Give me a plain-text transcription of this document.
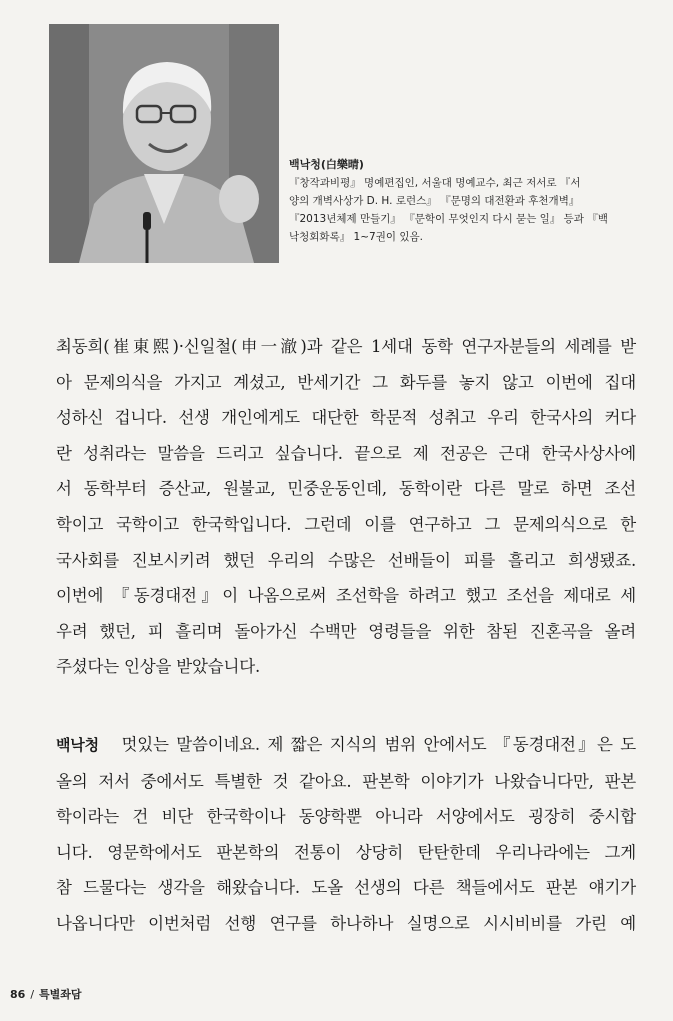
백낙청(白樂晴)
『창작과비평』 명예편집인, 서울대 명예교수, 최근 저서로 『서
양의 개벽사상가 D. H. 로런스』 『문명의 대전환과 후천개벽』
『2013년체제 만들기』 『문학이 무엇인지 다시 묻는 일』 등과 『백
낙청회화록』 1~7권이 있음.
최동희(崔東熙)·신일철(申一澈)과 같은 1세대 동학 연구자분들의 세례를 받
아 문제의식을 가지고 계셨고, 반세기간 그 화두를 놓지 않고 이번에 집대
성하신 겁니다. 선생 개인에게도 대단한 학문적 성취고 우리 한국사의 커다
란 성취라는 말씀을 드리고 싶습니다. 끝으로 제 전공은 근대 한국사상사에
서 동학부터 증산교, 원불교, 민중운동인데, 동학이란 다른 말로 하면 조선
학이고 국학이고 한국학입니다. 그런데 이를 연구하고 그 문제의식으로 한
국사회를 진보시키려 했던 우리의 수많은 선배들이 피를 흘리고 희생됐죠.
이번에 『동경대전』이 나옴으로써 조선학을 하려고 했고 조선을 제대로 세
우려 했던, 피 흘리며 돌아가신 수백만 영령들을 위한 참된 진혼곡을 올려
주셨다는 인상을 받았습니다.
백낙청 멋있는 말씀이네요. 제 짧은 지식의 범위 안에서도 『동경대전』은 도
올의 저서 중에서도 특별한 것 같아요. 판본학 이야기가 나왔습니다만, 판본
학이라는 건 비단 한국학이나 동양학뿐 아니라 서양에서도 굉장히 중시합
니다. 영문학에서도 판본학의 전통이 상당히 탄탄한데 우리나라에는 그게
참 드물다는 생각을 해왔습니다. 도올 선생의 다른 책들에서도 판본 얘기가
나옵니다만 이번처럼 선행 연구를 하나하나 실명으로 시시비비를 가린 예
86 / 특별좌담
